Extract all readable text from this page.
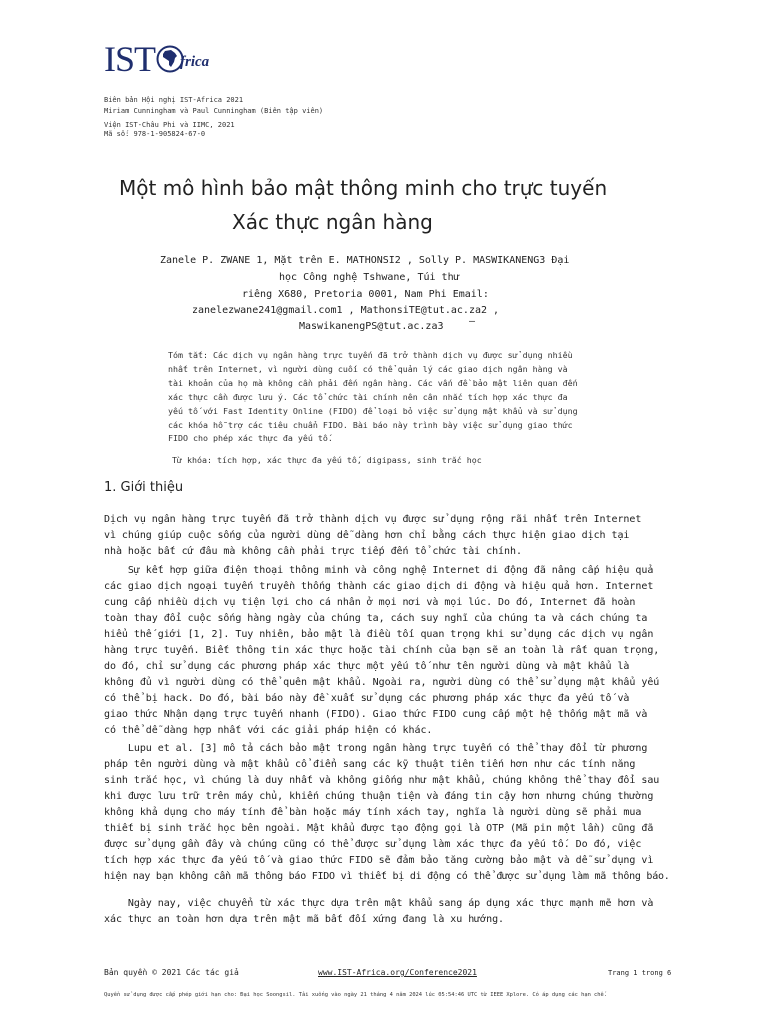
IST frica
Biên bản Hội nghị IST-Africa 2021
Miriam Cunningham và Paul Cunningham (Biên tập viên)
Viện IST-Châu Phi và IIMC, 2021
Mã số: 978-1-905824-67-0
Một mô hình bảo mật thông minh cho trực tuyến
Xác thực ngân hàng
Zanele P. ZWANE 1, Mặt trên E. MATHONSI2 , Solly P. MASWIKANENG3 Đại
học Công nghệ Tshwane, Túi thư
riêng X680, Pretoria 0001, Nam Phi Email:
zanelezwane241@gmail.com1 , MathonsiTE@tut.ac.za2 ,
MaswikanengPS@tut.ac.za3	–
Tóm tắt: Các dịch vụ ngân hàng trực tuyến đã trở thành dịch vụ được sử dụng nhiều
nhất trên Internet, vì người dùng cuối có thể quản lý các giao dịch ngân hàng và
tài khoản của họ mà không cần phải đến ngân hàng. Các vấn đề bảo mật liên quan đến
xác thực cần được lưu ý. Các tổ chức tài chính nên cân nhắc tích hợp xác thực đa
yếu tố với Fast Identity Online (FIDO) để loại bỏ việc sử dụng mật khẩu và sử dụng
các khóa hỗ trợ các tiêu chuẩn FIDO. Bài báo này trình bày việc sử dụng giao thức
FIDO cho phép xác thực đa yếu tố.
Từ khóa: tích hợp, xác thực đa yếu tố, digipass, sinh trắc học
1. Giới thiệu
Dịch vụ ngân hàng trực tuyến đã trở thành dịch vụ được sử dụng rộng rãi nhất trên Internet
vì chúng giúp cuộc sống của người dùng dễ dàng hơn chỉ bằng cách thực hiện giao dịch tại
nhà hoặc bất cứ đâu mà không cần phải trực tiếp đến tổ chức tài chính.
Sự kết hợp giữa điện thoại thông minh và công nghệ Internet di động đã nâng cấp hiệu quả
các giao dịch ngoại tuyến truyền thống thành các giao dịch di động và hiệu quả hơn. Internet
cung cấp nhiều dịch vụ tiện lợi cho cá nhân ở mọi nơi và mọi lúc. Do đó, Internet đã hoàn
toàn thay đổi cuộc sống hàng ngày của chúng ta, cách suy nghĩ của chúng ta và cách chúng ta
hiểu thế giới [1, 2]. Tuy nhiên, bảo mật là điều tối quan trọng khi sử dụng các dịch vụ ngân
hàng trực tuyến. Biết thông tin xác thực hoặc tài chính của bạn sẽ an toàn là rất quan trọng,
do đó, chỉ sử dụng các phương pháp xác thực một yếu tố như tên người dùng và mật khẩu là
không đủ vì người dùng có thể quên mật khẩu. Ngoài ra, người dùng có thể sử dụng mật khẩu yếu
có thể bị hack. Do đó, bài báo này đề xuất sử dụng các phương pháp xác thực đa yếu tố và
giao thức Nhận dạng trực tuyến nhanh (FIDO). Giao thức FIDO cung cấp một hệ thống mật mã và
có thể dễ dàng hợp nhất với các giải pháp hiện có khác.
Lupu et al. [3] mô tả cách bảo mật trong ngân hàng trực tuyến có thể thay đổi từ phương
pháp tên người dùng và mật khẩu cổ điển sang các kỹ thuật tiên tiến hơn như các tính năng
sinh trắc học, vì chúng là duy nhất và không giống như mật khẩu, chúng không thể thay đổi sau
khi được lưu trữ trên máy chủ, khiến chúng thuận tiện và đáng tin cậy hơn nhưng chúng thường
không khả dụng cho máy tính để bàn hoặc máy tính xách tay, nghĩa là người dùng sẽ phải mua
thiết bị sinh trắc học bên ngoài. Mật khẩu được tạo động gọi là OTP (Mã pin một lần) cũng đã
được sử dụng gần đây và chúng cũng có thể được sử dụng làm xác thực đa yếu tố. Do đó, việc
tích hợp xác thực đa yếu tố và giao thức FIDO sẽ đảm bảo tăng cường bảo mật và dễ sử dụng vì
hiện nay bạn không cần mã thông báo FIDO vì thiết bị di động có thể được sử dụng làm mã thông báo.
Ngày nay, việc chuyển từ xác thực dựa trên mật khẩu sang áp dụng xác thực mạnh mẽ hơn và
xác thực an toàn hơn dựa trên mật mã bất đối xứng đang là xu hướng.
Bản quyền © 2021 Các tác giả	www.IST-Africa.org/Conference2021	Trang 1 trong 6
Quyền sử dụng được cấp phép giới hạn cho: Đại học Soongsil. Tải xuống vào ngày 21 tháng 4 năm 2024 lúc 05:54:46 UTC từ IEEE Xplore. Có áp dụng các hạn chế.
